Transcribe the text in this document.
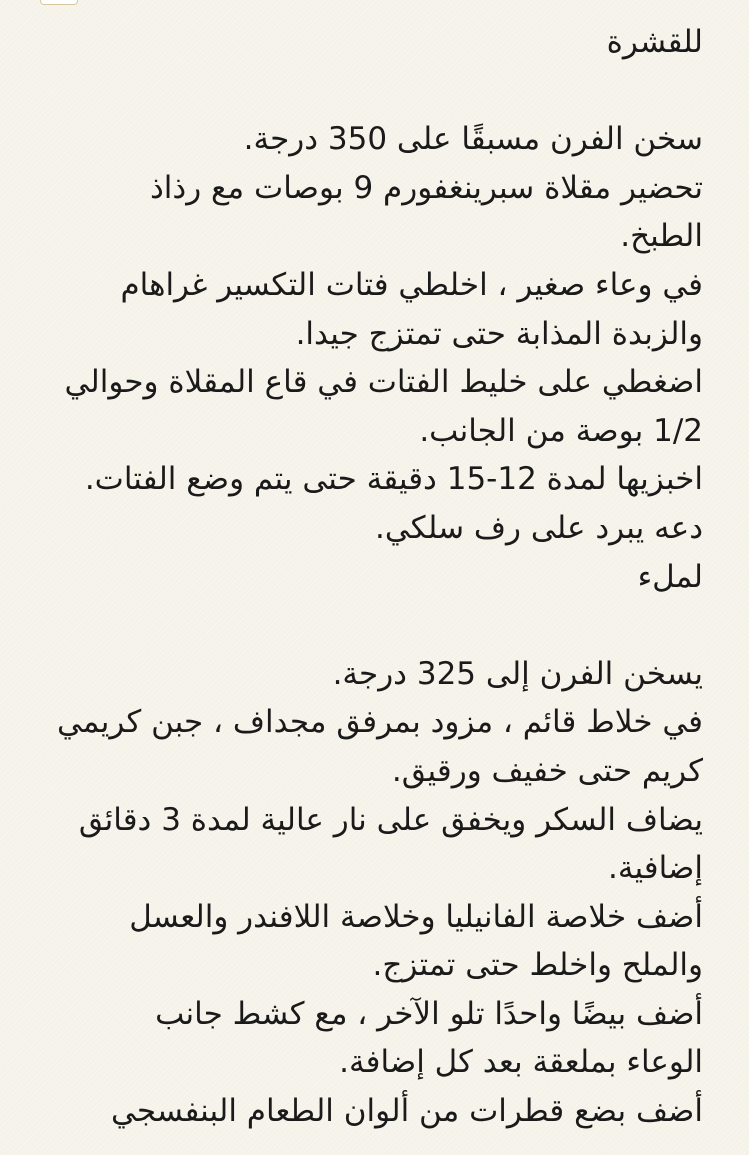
للقشرة
سخن الفرن مسبقًا على 350 درجة.
تحضير مقلاة سبرينغفورم 9 بوصات مع رذاذ
الطبخ.
في وعاء صغير ، اخلطي فتات التكسير غراهام
والزبدة المذابة حتى تمتزج جيدا.
اضغطي على خليط الفتات في قاع المقلاة وحوالي
1/2 بوصة من الجانب.
اخبزيها لمدة 12-15 دقيقة حتى يتم وضع الفتات.
دعه يبرد على رف سلكي.
لملء
يسخن الفرن إلى 325 درجة.
في خلاط قائم ، مزود بمرفق مجداف ، جبن كريمي
كريم حتى خفيف ورقيق.
يضاف السكر ويخفق على نار عالية لمدة 3 دقائق
إضافية.
أضف خلاصة الفانيليا وخلاصة اللافندر والعسل
والملح واخلط حتى تمتزج.
أضف بيضًا واحدًا تلو الآخر ، مع كشط جانب
الوعاء بملعقة بعد كل إضافة.
أضف بضع قطرات من ألوان الطعام البنفسجي
